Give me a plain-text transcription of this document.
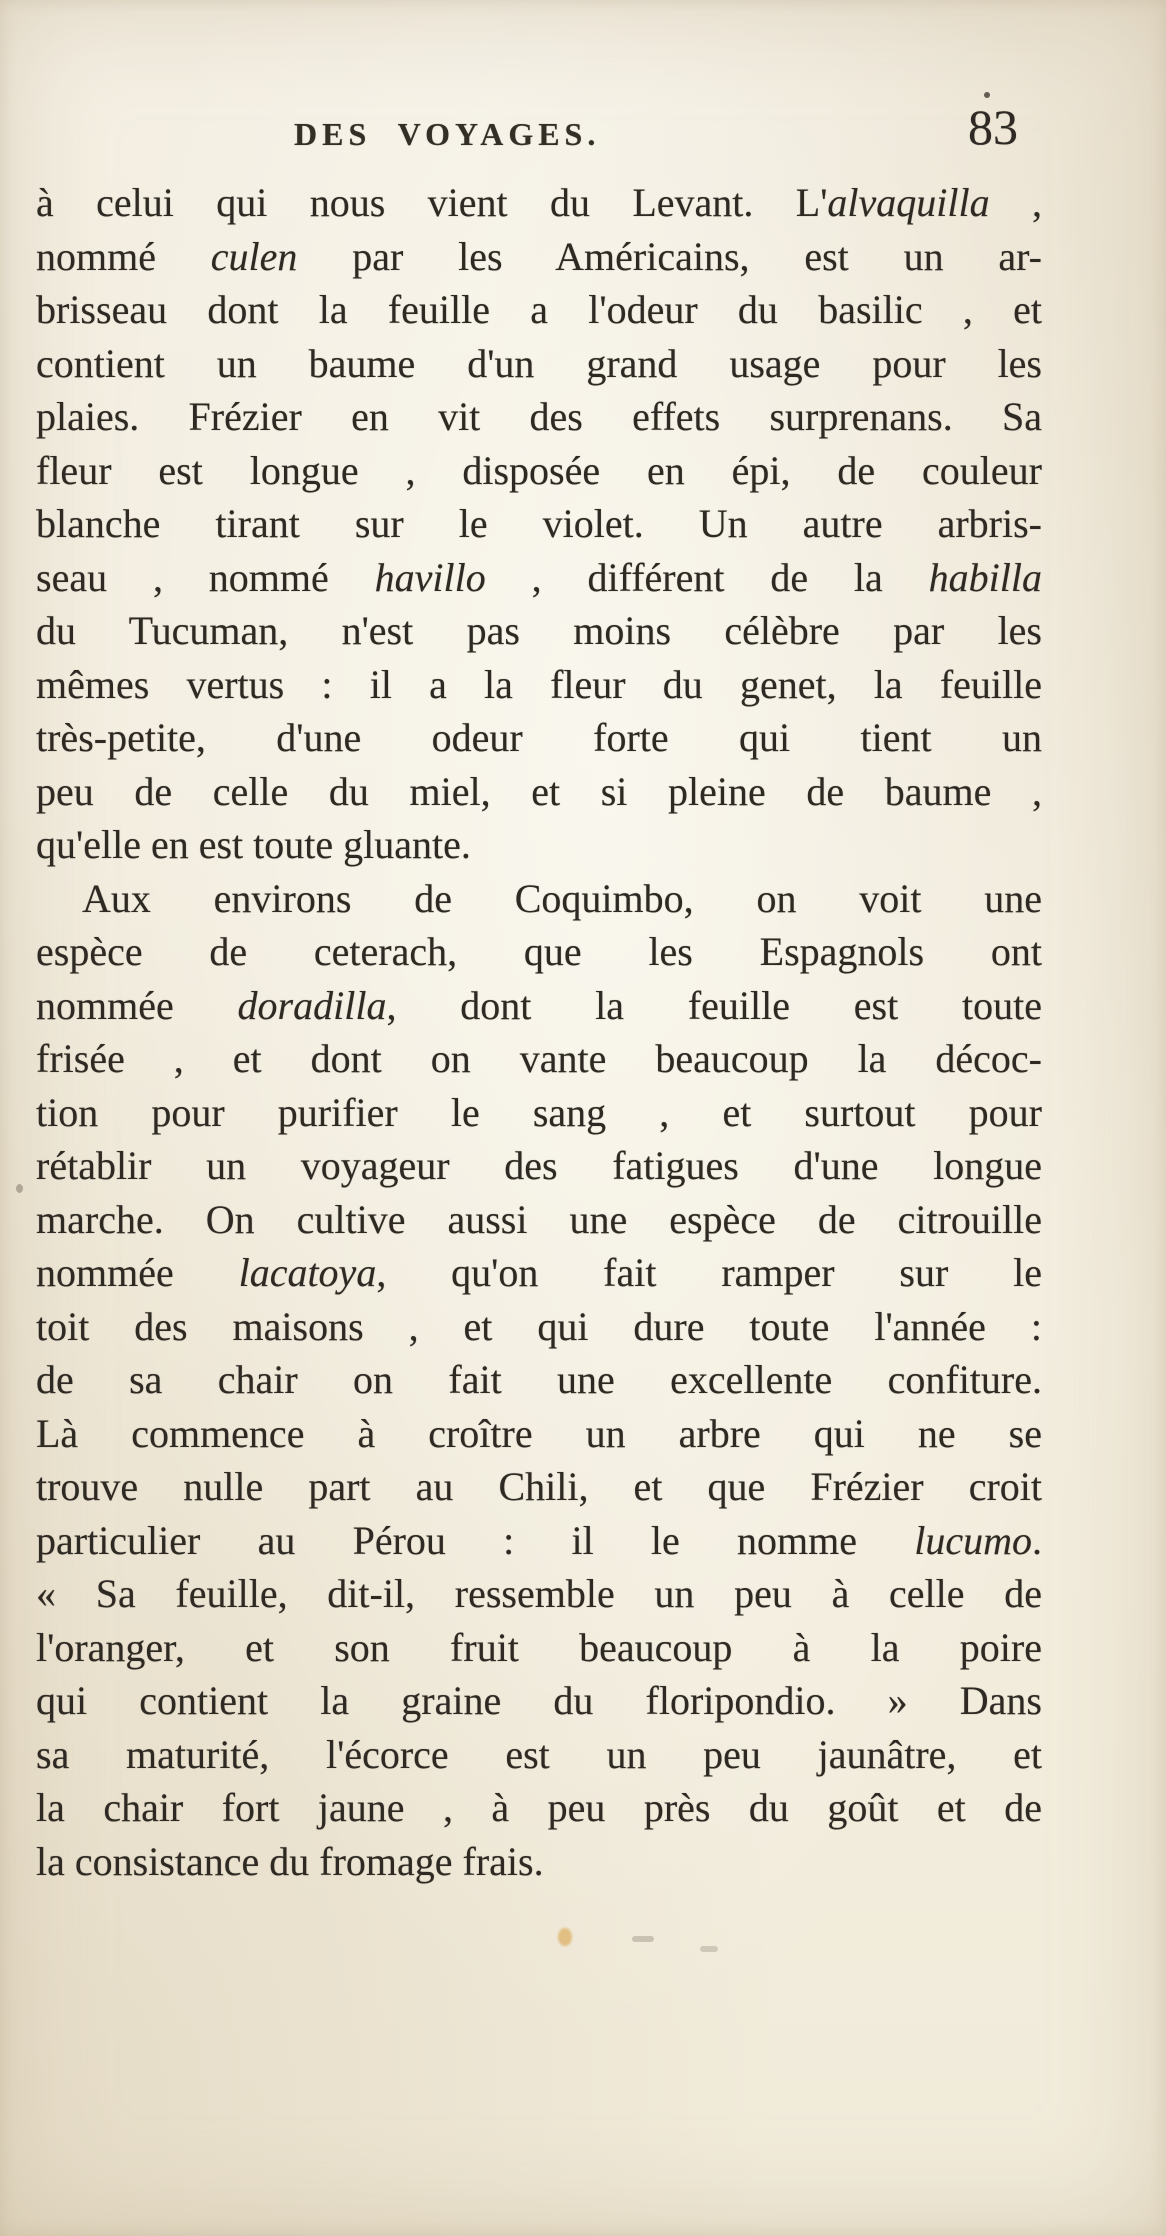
DES VOYAGES.	83
à celui qui nous vient du Levant. L'alvaquilla ,
nommé culen par les Américains, est un ar-
brisseau dont la feuille a l'odeur du basilic , et
contient un baume d'un grand usage pour les
plaies. Frézier en vit des effets surprenans. Sa
fleur est longue , disposée en épi, de couleur
blanche tirant sur le violet. Un autre arbris-
seau , nommé havillo , différent de la habilla
du Tucuman, n'est pas moins célèbre par les
mêmes vertus : il a la fleur du genet, la feuille
très-petite, d'une odeur forte qui tient un
peu de celle du miel, et si pleine de baume ,
qu'elle en est toute gluante.
Aux environs de Coquimbo, on voit une
espèce de ceterach, que les Espagnols ont
nommée doradilla, dont la feuille est toute
frisée , et dont on vante beaucoup la décoc-
tion pour purifier le sang , et surtout pour
rétablir un voyageur des fatigues d'une longue
marche. On cultive aussi une espèce de citrouille
nommée lacatoya, qu'on fait ramper sur le
toit des maisons , et qui dure toute l'année :
de sa chair on fait une excellente confiture.
Là commence à croître un arbre qui ne se
trouve nulle part au Chili, et que Frézier croit
particulier au Pérou : il le nomme lucumo.
« Sa feuille, dit-il, ressemble un peu à celle de
l'oranger, et son fruit beaucoup à la poire
qui contient la graine du floripondio. » Dans
sa maturité, l'écorce est un peu jaunâtre, et
la chair fort jaune , à peu près du goût et de
la consistance du fromage frais.
